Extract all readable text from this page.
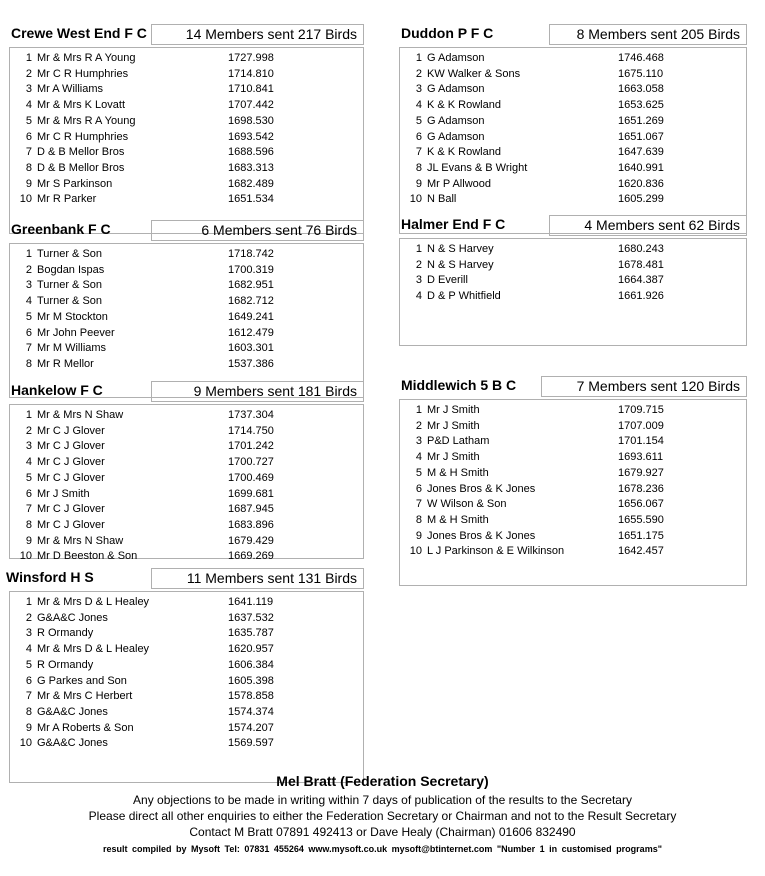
Crewe West End F C	14 Members sent 217 Birds
1 Mr & Mrs R A Young	1727.998
2 Mr C R Humphries	1714.810
3 Mr A Williams	1710.841
4 Mr & Mrs K Lovatt	1707.442
5 Mr & Mrs R A Young	1698.530
6 Mr C R Humphries	1693.542
7 D & B Mellor Bros	1688.596
8 D & B Mellor Bros	1683.313
9 Mr S Parkinson	1682.489
10 Mr R Parker	1651.534
Greenbank F C	6 Members sent 76 Birds
1 Turner & Son	1718.742
2 Bogdan Ispas	1700.319
3 Turner & Son	1682.951
4 Turner & Son	1682.712
5 Mr M Stockton	1649.241
6 Mr John Peever	1612.479
7 Mr M Williams	1603.301
8 Mr R Mellor	1537.386
Hankelow F C	9 Members sent 181 Birds
1 Mr & Mrs N Shaw	1737.304
2 Mr C J Glover	1714.750
3 Mr C J Glover	1701.242
4 Mr C J Glover	1700.727
5 Mr C J Glover	1700.469
6 Mr J Smith	1699.681
7 Mr C J Glover	1687.945
8 Mr C J Glover	1683.896
9 Mr & Mrs N Shaw	1679.429
10 Mr D Beeston & Son	1669.269
Winsford H S	11 Members sent 131 Birds
1 Mr & Mrs D & L Healey	1641.119
2 G&A&C Jones	1637.532
3 R Ormandy	1635.787
4 Mr & Mrs D & L Healey	1620.957
5 R Ormandy	1606.384
6 G Parkes and Son	1605.398
7 Mr & Mrs C Herbert	1578.858
8 G&A&C Jones	1574.374
9 Mr A Roberts & Son	1574.207
10 G&A&C Jones	1569.597
Duddon P F C	8 Members sent 205 Birds
1 G Adamson	1746.468
2 KW Walker & Sons	1675.110
3 G Adamson	1663.058
4 K & K Rowland	1653.625
5 G Adamson	1651.269
6 G Adamson	1651.067
7 K & K Rowland	1647.639
8 JL Evans & B Wright	1640.991
9 Mr P Allwood	1620.836
10 N Ball	1605.299
Halmer End F C	4 Members sent 62 Birds
1 N & S Harvey	1680.243
2 N & S Harvey	1678.481
3 D Everill	1664.387
4 D & P Whitfield	1661.926
Middlewich 5 B C	7 Members sent 120 Birds
1 Mr J Smith	1709.715
2 Mr J Smith	1707.009
3 P&D Latham	1701.154
4 Mr J Smith	1693.611
5 M & H Smith	1679.927
6 Jones Bros & K Jones	1678.236
7 W Wilson & Son	1656.067
8 M & H Smith	1655.590
9 Jones Bros & K Jones	1651.175
10 L J Parkinson & E Wilkinson	1642.457
Mel Bratt (Federation Secretary)
Any objections to be made in writing within 7 days of publication of the results to the Secretary
Please direct all other enquiries to either the Federation Secretary or Chairman and not to the Result Secretary
Contact M Bratt 07891 492413 or Dave Healy (Chairman) 01606 832490
result compiled by Mysoft Tel: 07831 455264 www.mysoft.co.uk mysoft@btinternet.com "Number 1 in customised programs"
